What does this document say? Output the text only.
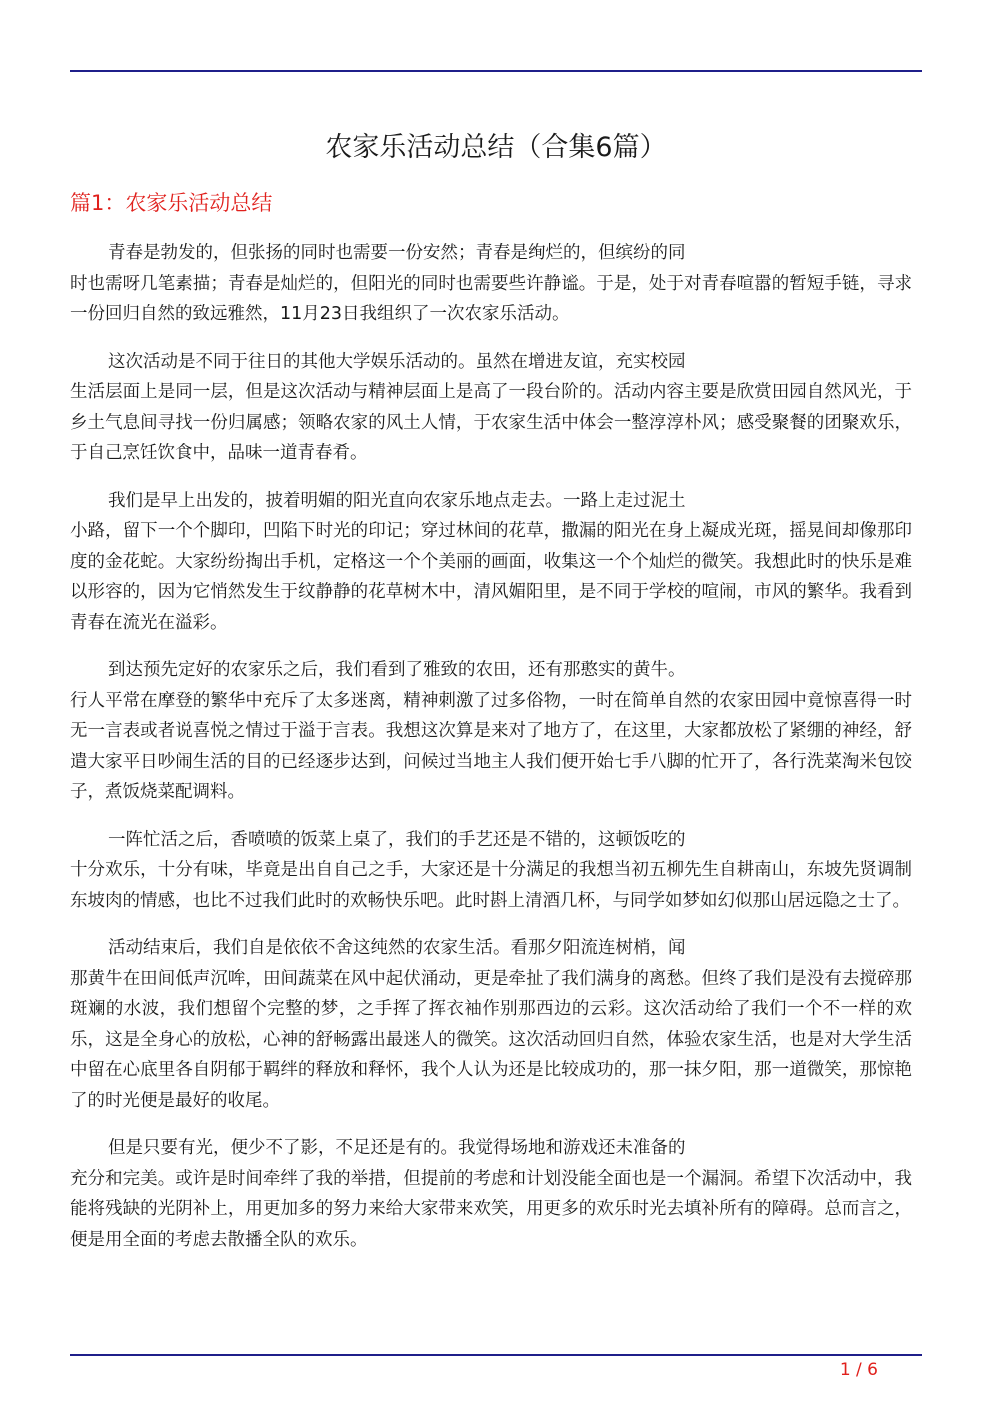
农家乐活动总结（合集6篇）
篇1：农家乐活动总结

青春是勃发的，但张扬的同时也需要一份安然；青春是绚烂的，但缤纷的同
时也需呀几笔素描；青春是灿烂的，但阳光的同时也需要些许静谧。于是，处于对青春喧嚣的暂短手链，寻求一份回归自然的致远雅然，11月23日我组织了一次农家乐活动。

这次活动是不同于往日的其他大学娱乐活动的。虽然在增进友谊，充实校园
生活层面上是同一层，但是这次活动与精神层面上是高了一段台阶的。活动内容主要是欣赏田园自然风光，于乡土气息间寻找一份归属感；领略农家的风土人情，于农家生活中体会一整淳淳朴风；感受聚餐的团聚欢乐，于自己烹饪饮食中，品味一道青春肴。

我们是早上出发的，披着明媚的阳光直向农家乐地点走去。一路上走过泥土
小路，留下一个个脚印，凹陷下时光的印记；穿过林间的花草，撒漏的阳光在身上凝成光斑，摇晃间却像那印度的金花蛇。大家纷纷掏出手机，定格这一个个美丽的画面，收集这一个个灿烂的微笑。我想此时的快乐是难以形容的，因为它悄然发生于纹静静的花草树木中，清风媚阳里，是不同于学校的喧闹，市风的繁华。我看到青春在流光在溢彩。

到达预先定好的农家乐之后，我们看到了雅致的农田，还有那憨实的黄牛。
行人平常在摩登的繁华中充斥了太多迷离，精神刺激了过多俗物，一时在简单自然的农家田园中竟惊喜得一时无一言表或者说喜悦之情过于溢于言表。我想这次算是来对了地方了，在这里，大家都放松了紧绷的神经，舒遣大家平日吵闹生活的目的已经逐步达到，问候过当地主人我们便开始七手八脚的忙开了，各行洗菜淘米包饺子，煮饭烧菜配调料。

一阵忙活之后，香喷喷的饭菜上桌了，我们的手艺还是不错的，这顿饭吃的
十分欢乐，十分有味，毕竟是出自自己之手，大家还是十分满足的我想当初五柳先生自耕南山，东坡先贤调制东坡肉的情感，也比不过我们此时的欢畅快乐吧。此时斟上清酒几杯，与同学如梦如幻似那山居远隐之士了。

活动结束后，我们自是依依不舍这纯然的农家生活。看那夕阳流连树梢，闻
那黄牛在田间低声沉哞，田间蔬菜在风中起伏涌动，更是牵扯了我们满身的离愁。但终了我们是没有去搅碎那斑斓的水波，我们想留个完整的梦，之手挥了挥衣袖作别那西边的云彩。这次活动给了我们一个不一样的欢乐，这是全身心的放松，心神的舒畅露出最迷人的微笑。这次活动回归自然，体验农家生活，也是对大学生活中留在心底里各自阴郁于羁绊的释放和释怀，我个人认为还是比较成功的，那一抹夕阳，那一道微笑，那惊艳了的时光便是最好的收尾。

但是只要有光，便少不了影，不足还是有的。我觉得场地和游戏还未准备的
充分和完美。或许是时间牵绊了我的举措，但提前的考虑和计划没能全面也是一个漏洞。希望下次活动中，我能将残缺的光阴补上，用更加多的努力来给大家带来欢笑，用更多的欢乐时光去填补所有的障碍。总而言之，便是用全面的考虑去散播全队的欢乐。

1 / 6
